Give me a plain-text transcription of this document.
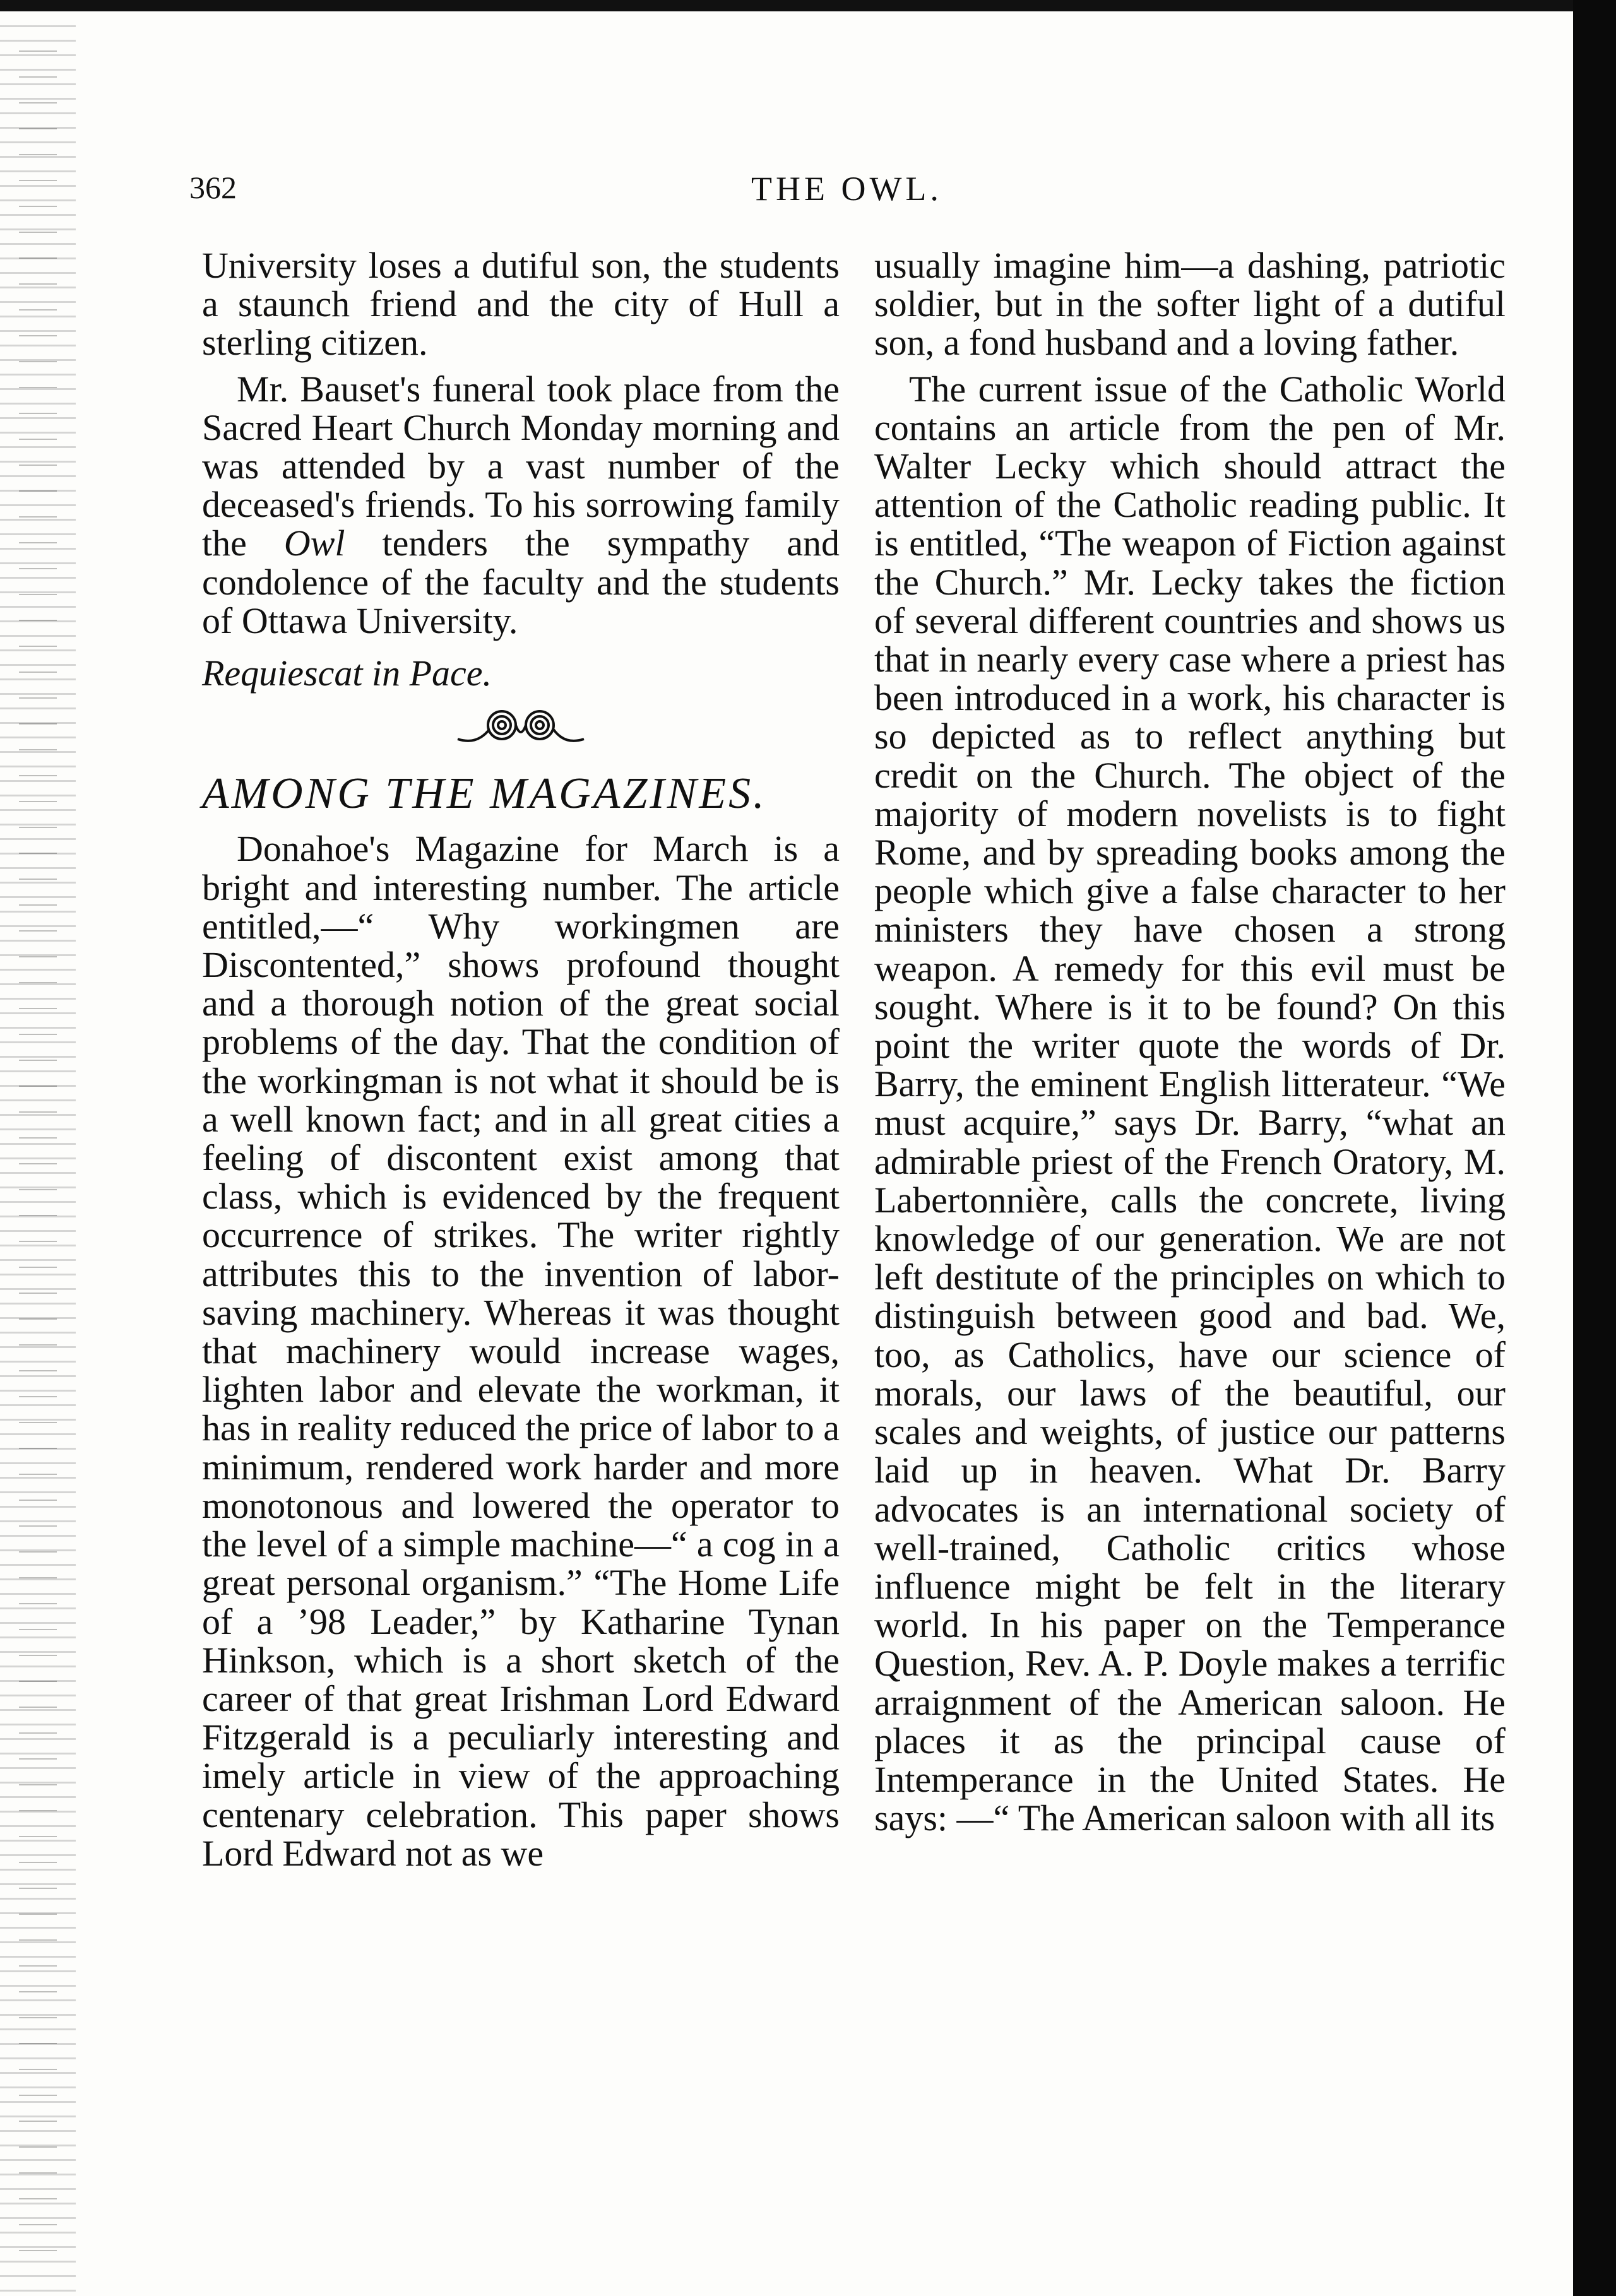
362	THE OWL.

University loses a dutiful son, the students a staunch friend and the city of Hull a sterling citizen.

Mr. Bauset's funeral took place from the Sacred Heart Church Monday morning and was attended by a vast number of the deceased's friends. To his sorrowing family the Owl tenders the sympathy and condolence of the faculty and the students of Ottawa University.

Requiescat in Pace.

AMONG THE MAGAZINES.

Donahoe's Magazine for March is a bright and interesting number. The article entitled,—“ Why workingmen are Discontented,” shows profound thought and a thorough notion of the great social problems of the day. That the condition of the workingman is not what it should be is a well known fact; and in all great cities a feeling of discontent exist among that class, which is evidenced by the frequent occurrence of strikes. The writer rightly attributes this to the invention of labor-saving machinery. Whereas it was thought that machinery would increase wages, lighten labor and elevate the workman, it has in reality reduced the price of labor to a minimum, rendered work harder and more monotonous and lowered the operator to the level of a simple machine—“ a cog in a great personal organism.” “The Home Life of a ’98 Leader,” by Katharine Tynan Hinkson, which is a short sketch of the career of that great Irishman Lord Edward Fitzgerald is a peculiarly interesting and imely article in view of the approaching centenary celebration. This paper shows Lord Edward not as we

usually imagine him—a dashing, patriotic soldier, but in the softer light of a dutiful son, a fond husband and a loving father.

The current issue of the Catholic World contains an article from the pen of Mr. Walter Lecky which should attract the attention of the Catholic reading public. It is entitled, “The weapon of Fiction against the Church.” Mr. Lecky takes the fiction of several different countries and shows us that in nearly every case where a priest has been introduced in a work, his character is so depicted as to reflect anything but credit on the Church. The object of the majority of modern novelists is to fight Rome, and by spreading books among the people which give a false character to her ministers they have chosen a strong weapon. A remedy for this evil must be sought. Where is it to be found? On this point the writer quote the words of Dr. Barry, the eminent English litterateur. “We must acquire,” says Dr. Barry, “what an admirable priest of the French Oratory, M. Labertonnière, calls the concrete, living knowledge of our generation. We are not left destitute of the principles on which to distinguish between good and bad. We, too, as Catholics, have our science of morals, our laws of the beautiful, our scales and weights, of justice our patterns laid up in heaven. What Dr. Barry advocates is an international society of well-trained, Catholic critics whose influence might be felt in the literary world. In his paper on the Temperance Question, Rev. A. P. Doyle makes a terrific arraignment of the American saloon. He places it as the principal cause of Intemperance in the United States. He says: —“ The American saloon with all its
